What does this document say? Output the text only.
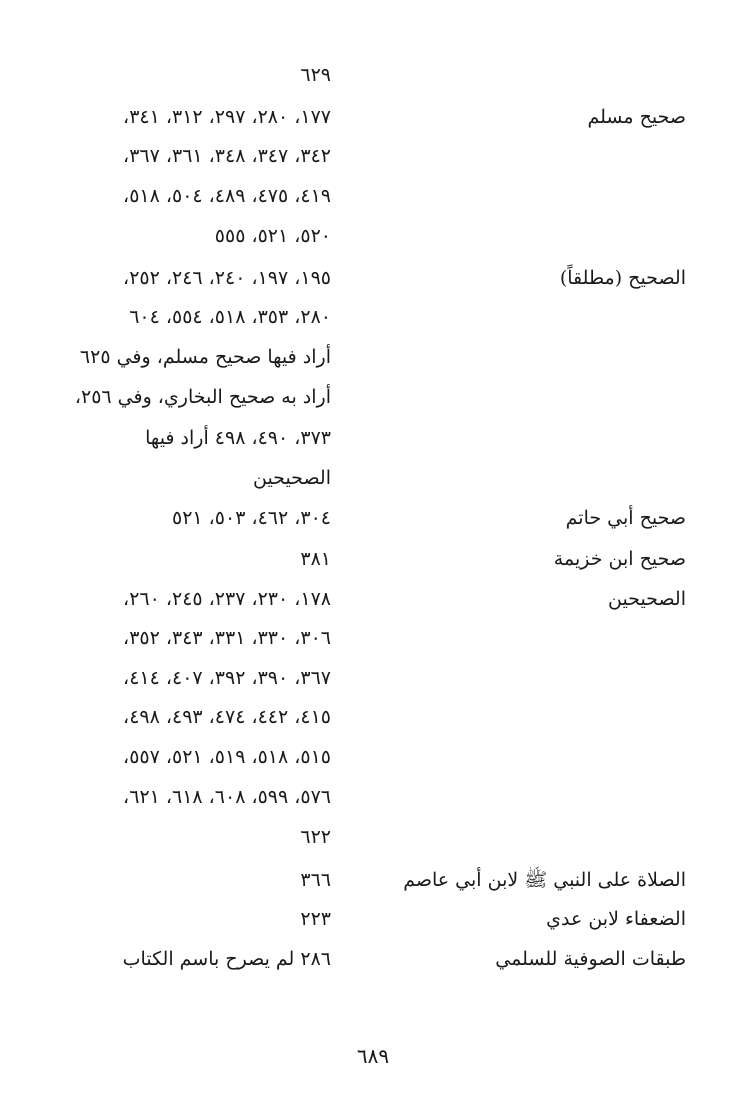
٦٢٩
صحيح مسلم
١٧٧، ٢٨٠، ٢٩٧، ٣١٢، ٣٤١،
٣٤٢، ٣٤٧، ٣٤٨، ٣٦١، ٣٦٧،
٤١٩، ٤٧٥، ٤٨٩، ٥٠٤، ٥١٨،
٥٢٠، ٥٢١، ٥٥٥
الصحيح (مطلقاً)
١٩٥، ١٩٧، ٢٤٠، ٢٤٦، ٢٥٢،
٢٨٠، ٣٥٣، ٥١٨، ٥٥٤، ٦٠٤
أراد فيها صحيح مسلم، وفي ٦٢٥
أراد به صحيح البخاري، وفي ٢٥٦،
٣٧٣، ٤٩٠، ٤٩٨ أراد فيها
الصحيحين
صحيح أبي حاتم
٣٠٤، ٤٦٢، ٥٠٣، ٥٢١
صحيح ابن خزيمة
٣٨١
الصحيحين
١٧٨، ٢٣٠، ٢٣٧، ٢٤٥، ٢٦٠،
٣٠٦، ٣٣٠، ٣٣١، ٣٤٣، ٣٥٢،
٣٦٧، ٣٩٠، ٣٩٢، ٤٠٧، ٤١٤،
٤١٥، ٤٤٢، ٤٧٤، ٤٩٣، ٤٩٨،
٥١٥، ٥١٨، ٥١٩، ٥٢١، ٥٥٧،
٥٧٦، ٥٩٩، ٦٠٨، ٦١٨، ٦٢١،
٦٢٢
الصلاة على النبي ﷺ لابن أبي عاصم
٣٦٦
الضعفاء لابن عدي
٢٢٣
طبقات الصوفية للسلمي
٢٨٦ لم يصرح باسم الكتاب
٦٨٩
